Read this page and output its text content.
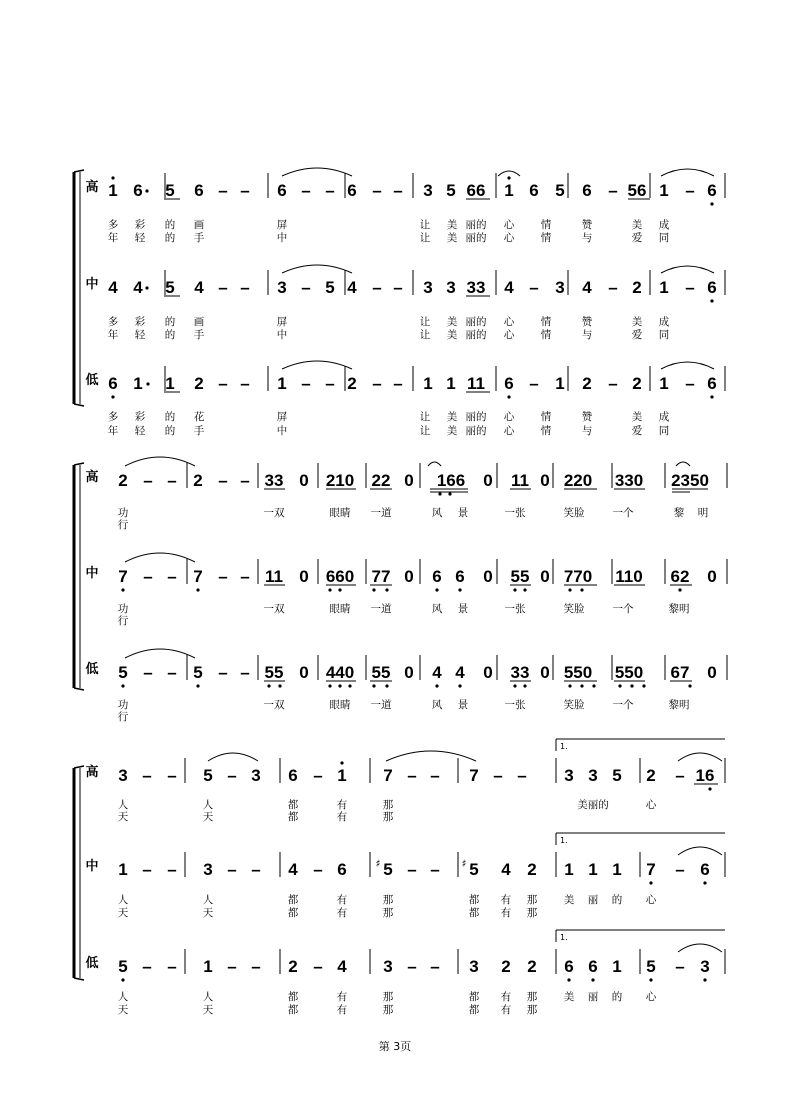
高 1 6 5 6 – – 6 – – 6 – – 3 5 66 1 6 5 6 – 56 1 – 6
多 彩 的 画	屏	让 美 丽的 心	情	赞	美 成
年 轻 的 手	中	让 美 丽的 心	情	与	爱 同
中 4 4 5 4 – – 3 – 5 4 – – 3 3 33 4 – 3 4 – 2 1 – 6
多 彩 的 画	屏	让 美 丽的 心	情	赞	美 成
年 轻 的 手	中	让 美 丽的 心	情	与	爱 同
低 6 1 1 2 – – 1 – – 2 – – 1 1 11 6 – 1 2 – 2 1 – 6
多 彩 的 花	屏	让 美 丽的 心	情	赞	美 成
年 轻 的 手	中	让 美 丽的 心	情	与	爱 同
高 2 – – 2 – – 33 0 210 22 0 166 0 11 0 220 330 2350
功	一双	眼睛 一道	风 景	一张	笑脸	一个	黎 明
行
中 7 – – 7 – – 11 0 660 77 0 6 6 0 55 0 770 110 62 0
功	一双	眼睛 一道	风 景	一张	笑脸	一个	黎明
行
低 5 – – 5 – – 55 0 440 55 0 4 4 0 33 0 550 550 67 0
功	一双	眼睛 一道	风 景	一张	笑脸	一个	黎明
行
高 3 – – 5 – 3 6 – 1 7 – – 7 – – 3 3 5 2 – 16
人	人	都	有	那	美丽的	心
天	天	都	有	那
中 1 – – 3 – – 4 – 6 5
♯ – – 5
♯ 4 2 1 1 1 7 – 6
人	人	都	有	那	都 有 那	美 丽 的 心
天	天	都	有	那	都 有 那
低 5 – – 1 – – 2 – 4 3 – – 3 2 2 6 6 1 5 – 3
人	人	都	有	那	都 有 那	美 丽 的 心
天	天	都	有	那	都 有 那
1.
1.
1.
第 3页
